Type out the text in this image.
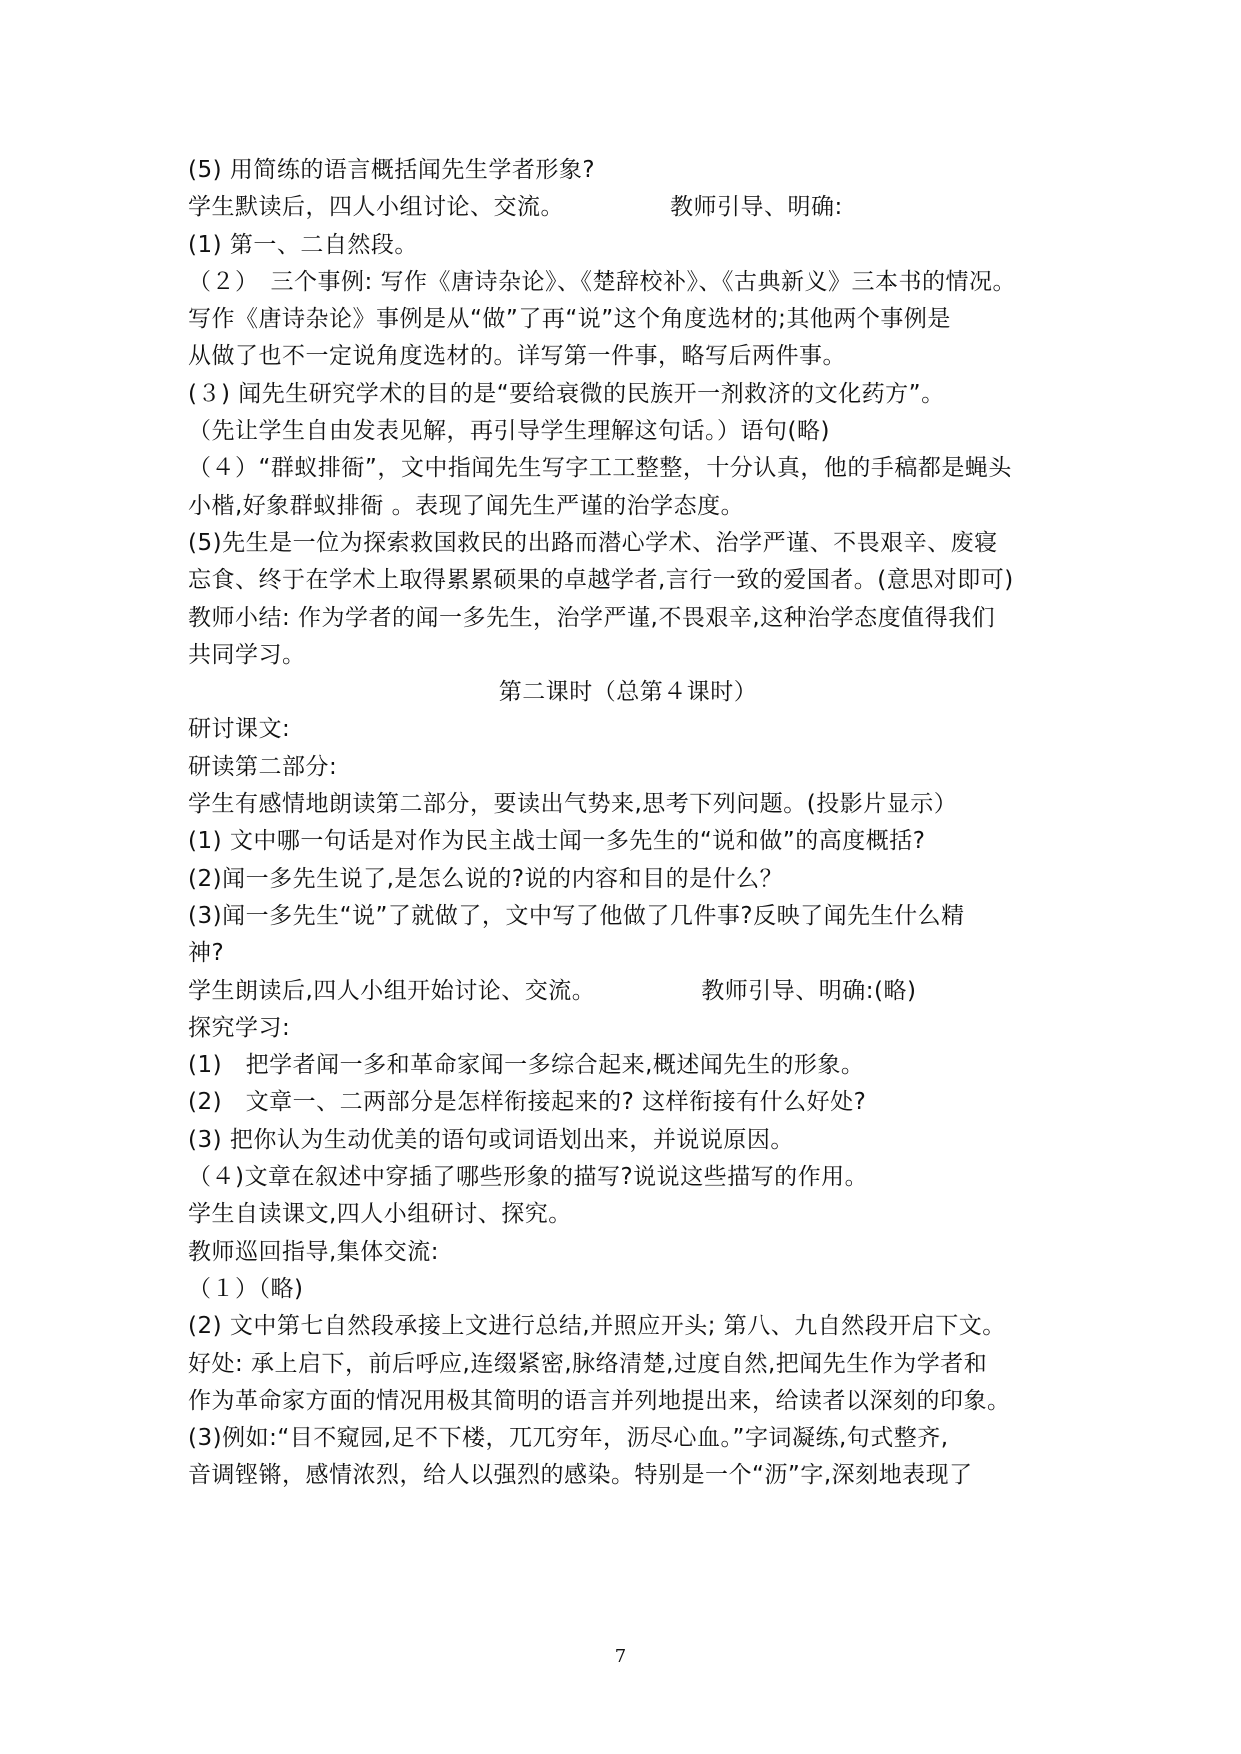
(5) 用简练的语言概括闻先生学者形象?
学生默读后，四人小组讨论、交流。　　　　　教师引导、明确:
(1) 第一、二自然段。
（２）　三个事例: 写作《唐诗杂论》、《楚辞校补》、《古典新义》三本书的情况。
写作《唐诗杂论》事例是从“做”了再“说”这个角度选材的;其他两个事例是
从做了也不一定说角度选材的。详写第一件事，略写后两件事。
(３) 闻先生研究学术的目的是“要给衰微的民族开一剂救济的文化药方”。
（先让学生自由发表见解，再引导学生理解这句话。）语句(略)
（４）“群蚁排衙”，文中指闻先生写字工工整整，十分认真，他的手稿都是蝇头
小楷,好象群蚁排衙 。表现了闻先生严谨的治学态度。
(5)先生是一位为探索救国救民的出路而潜心学术、治学严谨、不畏艰辛、废寝
忘食、终于在学术上取得累累硕果的卓越学者,言行一致的爱国者。(意思对即可)
教师小结: 作为学者的闻一多先生，治学严谨,不畏艰辛,这种治学态度值得我们
共同学习。
第二课时（总第４课时）
研讨课文:
研读第二部分:
学生有感情地朗读第二部分，要读出气势来,思考下列问题。(投影片显示）
(1) 文中哪一句话是对作为民主战士闻一多先生的“说和做”的高度概括?
(2)闻一多先生说了,是怎么说的?说的内容和目的是什么？
(3)闻一多先生“说”了就做了，文中写了他做了几件事?反映了闻先生什么精
神?
学生朗读后,四人小组开始讨论、交流。　　　　　教师引导、明确:(略)
探究学习:
(1)　把学者闻一多和革命家闻一多综合起来,概述闻先生的形象。
(2)　文章一、二两部分是怎样衔接起来的? 这样衔接有什么好处?
(3) 把你认为生动优美的语句或词语划出来，并说说原因。
（４)文章在叙述中穿插了哪些形象的描写?说说这些描写的作用。
学生自读课文,四人小组研讨、探究。
教师巡回指导,集体交流:
（１）（略)
(2) 文中第七自然段承接上文进行总结,并照应开头; 第八、九自然段开启下文。
好处: 承上启下，前后呼应,连缀紧密,脉络清楚,过度自然,把闻先生作为学者和
作为革命家方面的情况用极其简明的语言并列地提出来，给读者以深刻的印象。
(3)例如:“目不窥园,足不下楼，兀兀穷年，沥尽心血。”字词凝练,句式整齐,
音调铿锵，感情浓烈，给人以强烈的感染。特别是一个“沥”字,深刻地表现了
7
